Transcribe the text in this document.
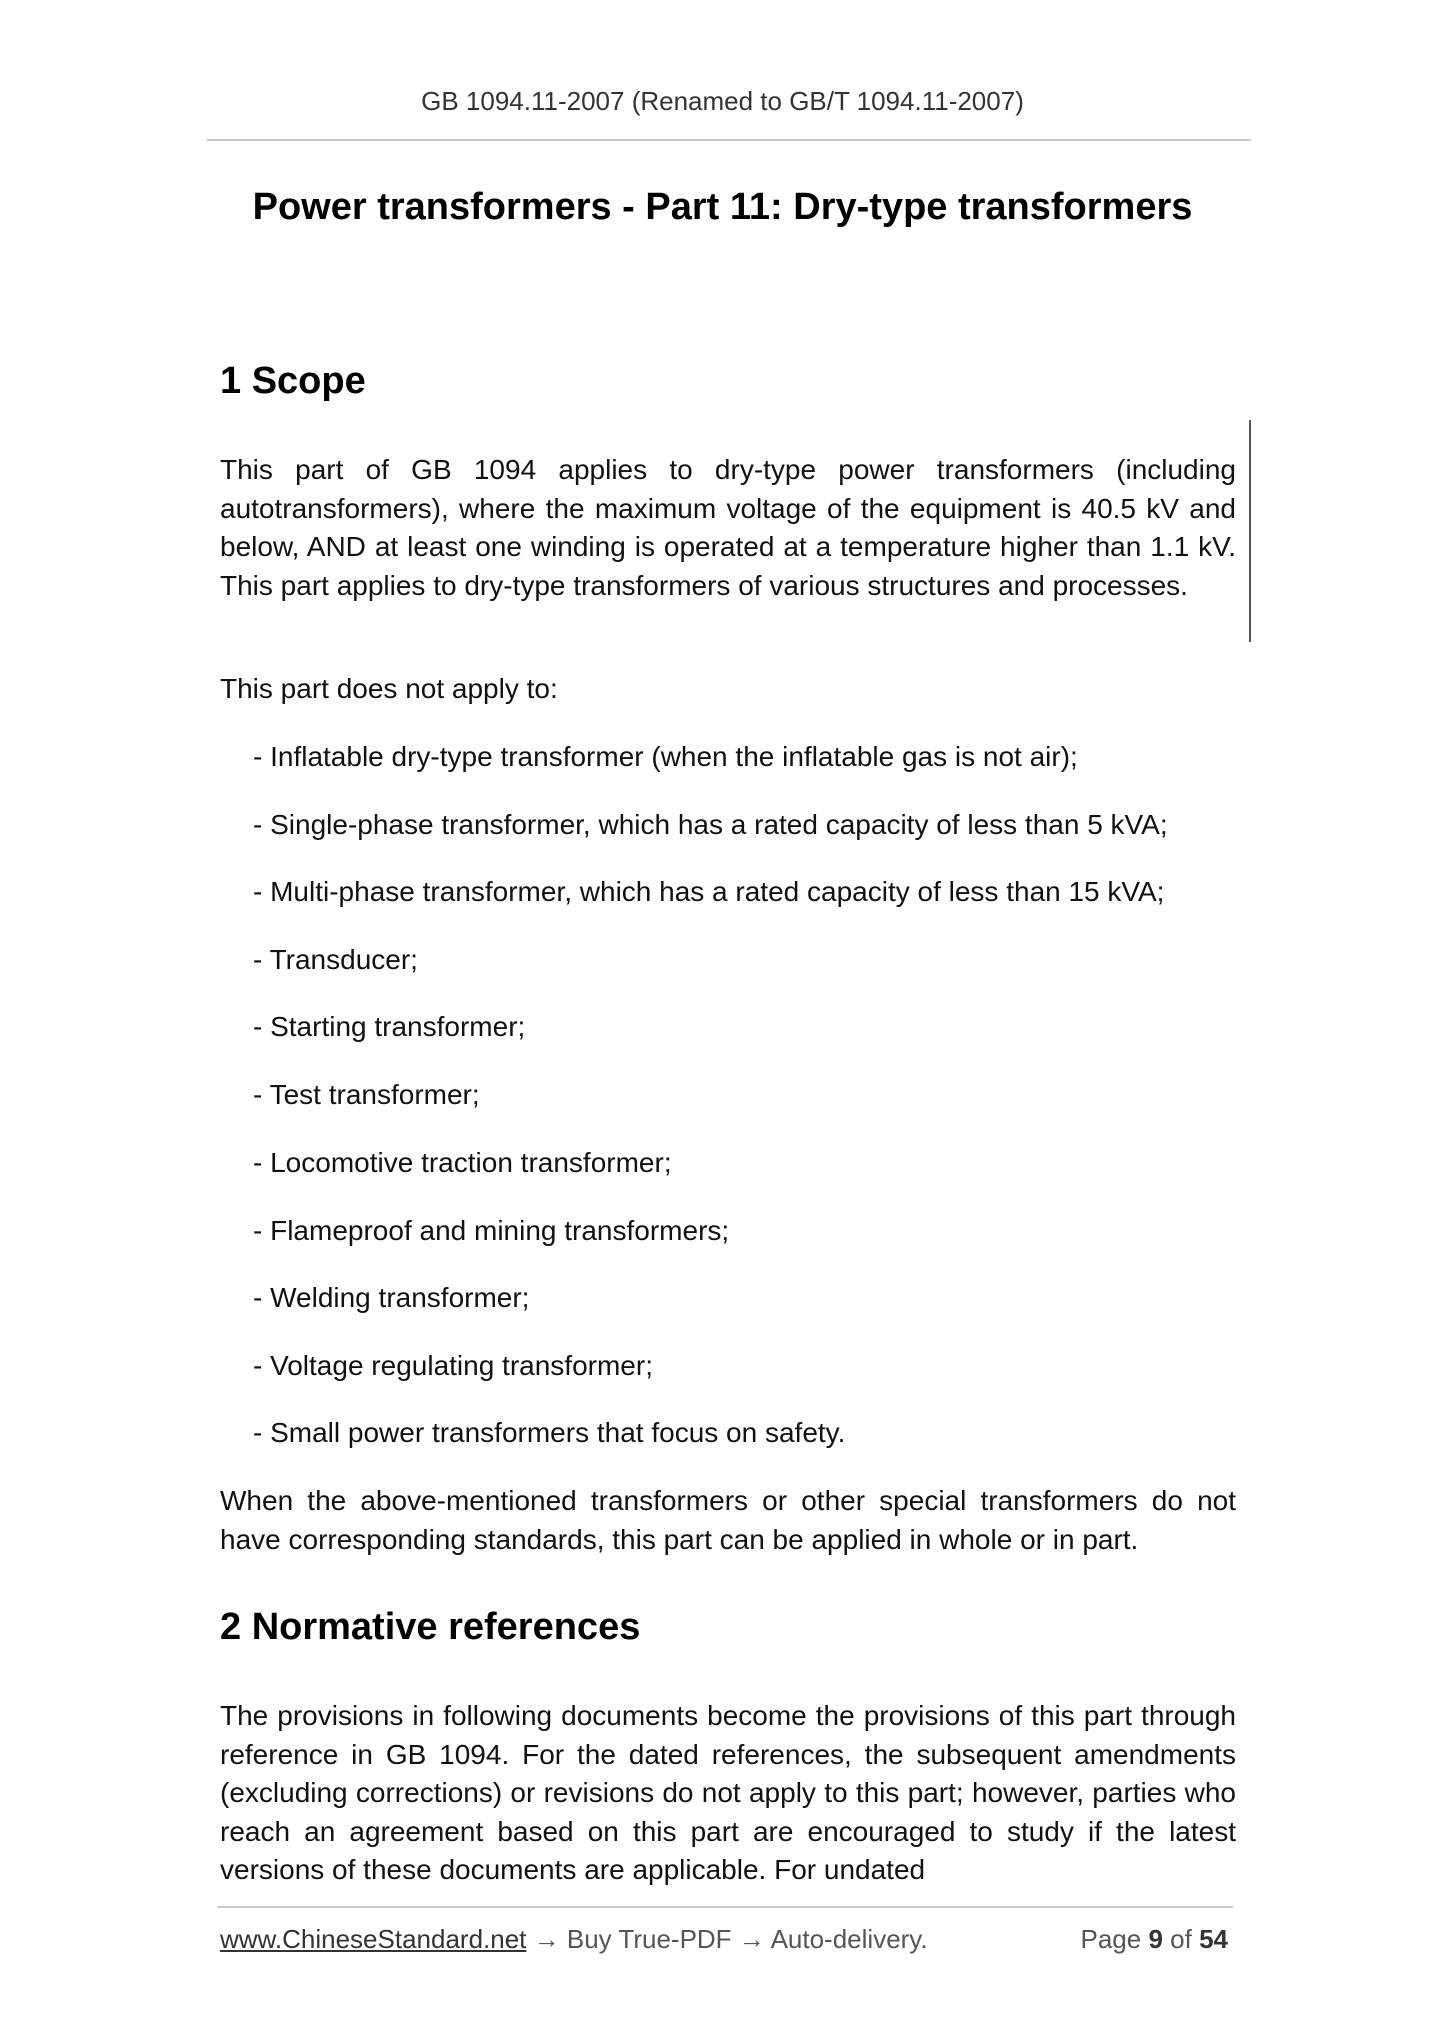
GB 1094.11-2007 (Renamed to GB/T 1094.11-2007)
Power transformers - Part 11: Dry-type transformers
1 Scope
This part of GB 1094 applies to dry-type power transformers (including autotransformers), where the maximum voltage of the equipment is 40.5 kV and below, AND at least one winding is operated at a temperature higher than 1.1 kV. This part applies to dry-type transformers of various structures and processes.
This part does not apply to:
- Inflatable dry-type transformer (when the inflatable gas is not air);
- Single-phase transformer, which has a rated capacity of less than 5 kVA;
- Multi-phase transformer, which has a rated capacity of less than 15 kVA;
- Transducer;
- Starting transformer;
- Test transformer;
- Locomotive traction transformer;
- Flameproof and mining transformers;
- Welding transformer;
- Voltage regulating transformer;
- Small power transformers that focus on safety.
When the above-mentioned transformers or other special transformers do not have corresponding standards, this part can be applied in whole or in part.
2 Normative references
The provisions in following documents become the provisions of this part through reference in GB 1094. For the dated references, the subsequent amendments (excluding corrections) or revisions do not apply to this part; however, parties who reach an agreement based on this part are encouraged to study if the latest versions of these documents are applicable. For undated
www.ChineseStandard.net → Buy True-PDF → Auto-delivery.	Page 9 of 54
